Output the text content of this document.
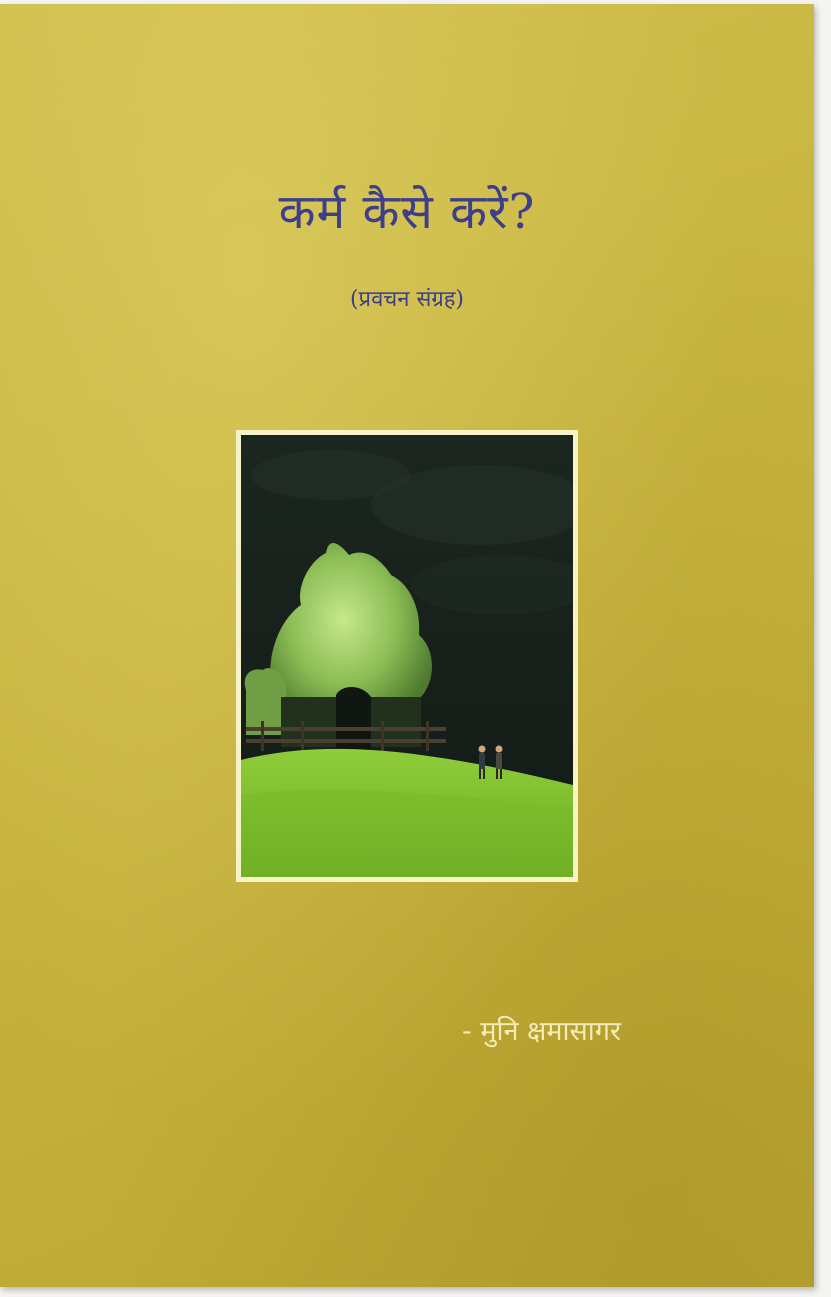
कर्म कैसे करें?
(प्रवचन संग्रह)
- मुनि क्षमासागर
